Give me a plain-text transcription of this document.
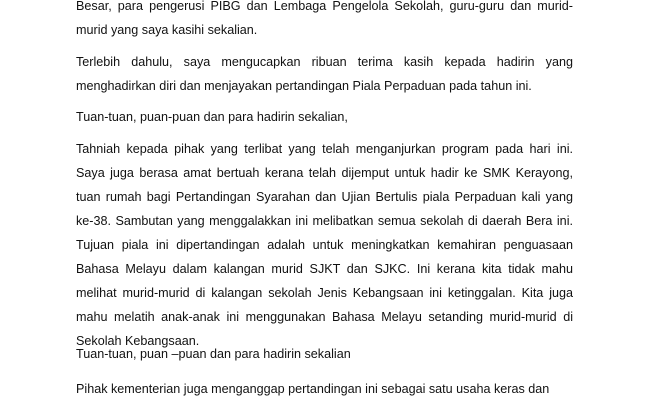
Besar, para pengerusi PIBG dan Lembaga Pengelola Sekolah, guru-guru dan murid-
murid yang saya kasihi sekalian.
Terlebih dahulu, saya mengucapkan ribuan terima kasih kepada hadirin yang
menghadirkan diri dan menjayakan pertandingan Piala Perpaduan pada tahun ini.
Tuan-tuan, puan-puan dan para hadirin sekalian,
Tahniah kepada pihak yang terlibat yang telah menganjurkan program pada hari ini.
Saya juga berasa amat bertuah kerana telah dijemput untuk hadir ke SMK Kerayong,
tuan rumah bagi Pertandingan Syarahan dan Ujian Bertulis piala Perpaduan kali yang
ke-38. Sambutan yang menggalakkan ini melibatkan semua sekolah di daerah Bera ini.
Tujuan piala ini dipertandingan adalah untuk meningkatkan kemahiran penguasaan
Bahasa Melayu dalam kalangan murid SJKT dan SJKC. Ini kerana kita tidak mahu
melihat murid-murid di kalangan sekolah Jenis Kebangsaan ini ketinggalan. Kita juga
mahu melatih anak-anak ini menggunakan Bahasa Melayu setanding murid-murid di
Sekolah Kebangsaan.
Tuan-tuan, puan –puan dan para hadirin sekalian
Pihak kementerian juga menganggap pertandingan ini sebagai satu usaha keras dan
